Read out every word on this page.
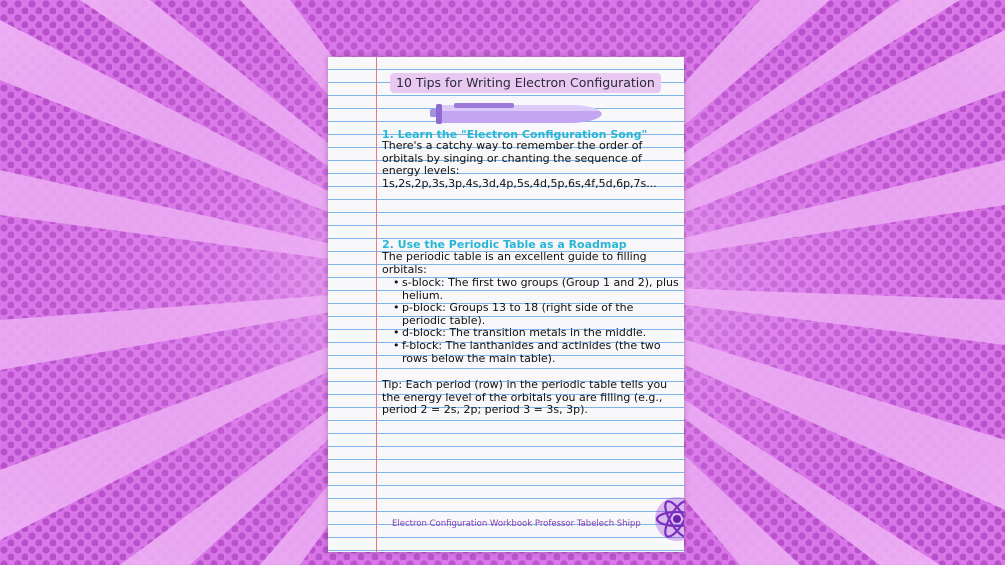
10 Tips for Writing Electron Configuration
1. Learn the "Electron Configuration Song"

There's a catchy way to remember the order of orbitals by singing or chanting the sequence of energy levels:

1s,2s,2p,3s,3p,4s,3d,4p,5s,4d,5p,6s,4f,5d,6p,7s...

2. Use the Periodic Table as a Roadmap
The periodic table is an excellent guide to filling orbitals:
• s-block: The first two groups (Group 1 and 2), plus helium.
• p-block: Groups 13 to 18 (right side of the periodic table).
• d-block: The transition metals in the middle.
• f-block: The lanthanides and actinides (the two rows below the main table).
Tip: Each period (row) in the periodic table tells you the energy level of the orbitals you are filling (e.g., period 2 = 2s, 2p; period 3 = 3s, 3p).
Electron Configuration Workbook Professor Tabelech Shipp
